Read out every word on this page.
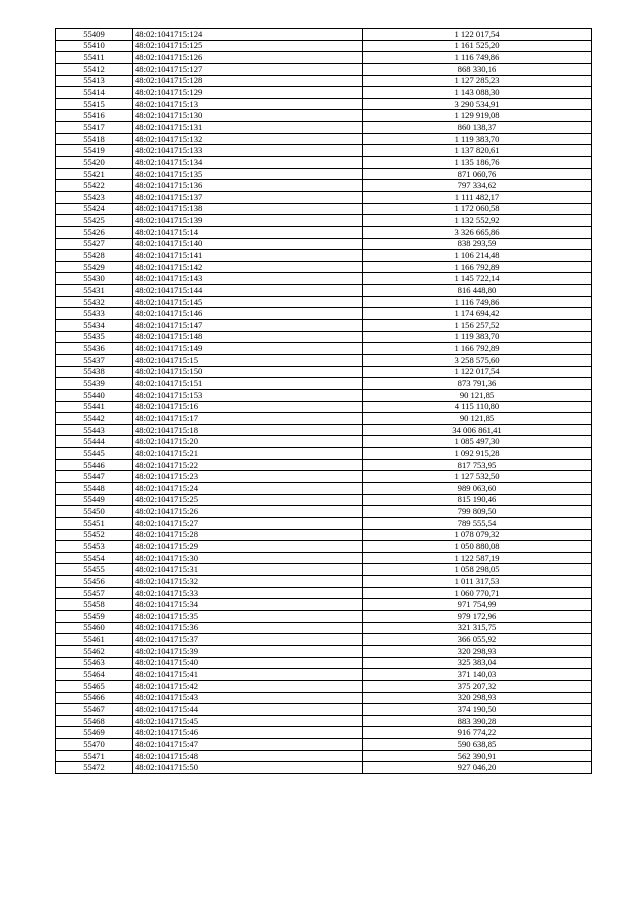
55409	48:02:1041715:124	1 122 017,54
55410	48:02:1041715:125	1 161 525,20
55411	48:02:1041715:126	1 116 749,86
55412	48:02:1041715:127	868 330,16
55413	48:02:1041715:128	1 127 285,23
55414	48:02:1041715:129	1 143 088,30
55415	48:02:1041715:13	3 290 534,91
55416	48:02:1041715:130	1 129 919,08
55417	48:02:1041715:131	860 138,37
55418	48:02:1041715:132	1 119 383,70
55419	48:02:1041715:133	1 137 820,61
55420	48:02:1041715:134	1 135 186,76
55421	48:02:1041715:135	871 060,76
55422	48:02:1041715:136	797 334,62
55423	48:02:1041715:137	1 111 482,17
55424	48:02:1041715:138	1 172 060,58
55425	48:02:1041715:139	1 132 552,92
55426	48:02:1041715:14	3 326 665,86
55427	48:02:1041715:140	838 293,59
55428	48:02:1041715:141	1 106 214,48
55429	48:02:1041715:142	1 166 792,89
55430	48:02:1041715:143	1 145 722,14
55431	48:02:1041715:144	816 448,80
55432	48:02:1041715:145	1 116 749,86
55433	48:02:1041715:146	1 174 694,42
55434	48:02:1041715:147	1 156 257,52
55435	48:02:1041715:148	1 119 383,70
55436	48:02:1041715:149	1 166 792,89
55437	48:02:1041715:15	3 258 575,60
55438	48:02:1041715:150	1 122 017,54
55439	48:02:1041715:151	873 791,36
55440	48:02:1041715:153	90 121,85
55441	48:02:1041715:16	4 115 110,80
55442	48:02:1041715:17	90 121,85
55443	48:02:1041715:18	34 006 861,41
55444	48:02:1041715:20	1 085 497,30
55445	48:02:1041715:21	1 092 915,28
55446	48:02:1041715:22	817 753,95
55447	48:02:1041715:23	1 127 532,50
55448	48:02:1041715:24	989 063,60
55449	48:02:1041715:25	815 190,46
55450	48:02:1041715:26	799 809,50
55451	48:02:1041715:27	789 555,54
55452	48:02:1041715:28	1 078 079,32
55453	48:02:1041715:29	1 050 880,08
55454	48:02:1041715:30	1 122 587,19
55455	48:02:1041715:31	1 058 298,05
55456	48:02:1041715:32	1 011 317,53
55457	48:02:1041715:33	1 060 770,71
55458	48:02:1041715:34	971 754,99
55459	48:02:1041715:35	979 172,96
55460	48:02:1041715:36	321 315,75
55461	48:02:1041715:37	366 055,92
55462	48:02:1041715:39	320 298,93
55463	48:02:1041715:40	325 383,04
55464	48:02:1041715:41	371 140,03
55465	48:02:1041715:42	375 207,32
55466	48:02:1041715:43	320 298,93
55467	48:02:1041715:44	374 190,50
55468	48:02:1041715:45	883 390,28
55469	48:02:1041715:46	916 774,22
55470	48:02:1041715:47	590 638,85
55471	48:02:1041715:48	562 390,91
55472	48:02:1041715:50	927 046,20
